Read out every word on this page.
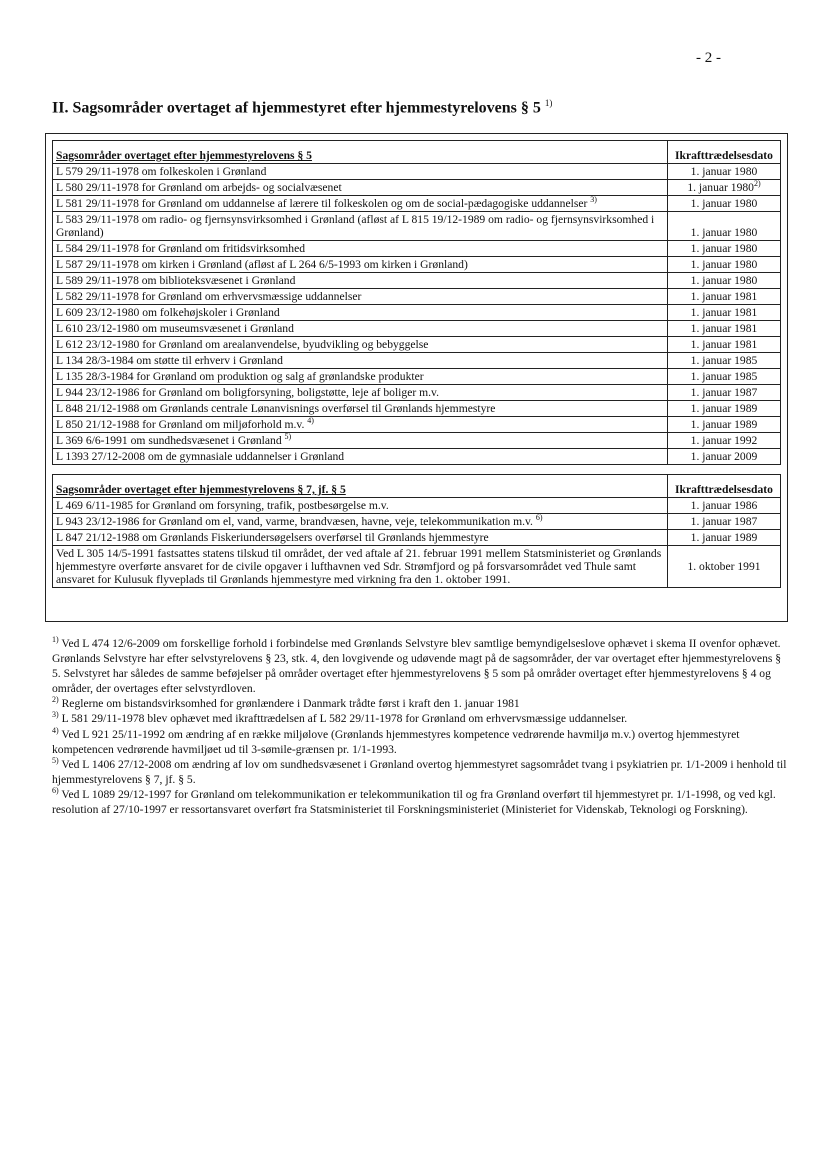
- 2 -
II. Sagsområder overtaget af hjemmestyret efter hjemmestyrelovens § 5 $^{1)}$
Sagsområder overtaget efter hjemmestyrelovens § 5	Ikrafttrædelsesdato
L 579 29/11-1978 om folkeskolen i Grønland	1. januar 1980
L 580 29/11-1978 for Grønland om arbejds- og socialvæsenet	1. januar 1980$^{2)}$
L 581 29/11-1978 for Grønland om uddannelse af lærere til folkeskolen og om de social-pædagogiske uddannelser $^{3)}$	1. januar 1980
L 583 29/11-1978 om radio- og fjernsynsvirksomhed i Grønland (afløst af L 815 19/12-1989 om radio- og fjernsynsvirksomhed i Grønland)	1. januar 1980
L 584 29/11-1978 for Grønland om fritidsvirksomhed	1. januar 1980
L 587 29/11-1978 om kirken i Grønland (afløst af L 264 6/5-1993 om kirken i Grønland)	1. januar 1980
L 589 29/11-1978 om biblioteksvæsenet i Grønland	1. januar 1980
L 582 29/11-1978 for Grønland om erhvervsmæssige uddannelser	1. januar 1981
L 609 23/12-1980 om folkehøjskoler i Grønland	1. januar 1981
L 610 23/12-1980 om museumsvæsenet i Grønland	1. januar 1981
L 612 23/12-1980 for Grønland om arealanvendelse, byudvikling og bebyggelse	1. januar 1981
L 134 28/3-1984 om støtte til erhverv i Grønland	1. januar 1985
L 135 28/3-1984 for Grønland om produktion og salg af grønlandske produkter	1. januar 1985
L 944 23/12-1986 for Grønland om boligforsyning, boligstøtte, leje af boliger m.v.	1. januar 1987
L 848 21/12-1988 om Grønlands centrale Lønanvisnings overførsel til Grønlands hjemmestyre	1. januar 1989
L 850 21/12-1988 for Grønland om miljøforhold m.v. $^{4)}$	1. januar 1989
L 369 6/6-1991 om sundhedsvæsenet i Grønland $^{5)}$	1. januar 1992
L 1393 27/12-2008 om de gymnasiale uddannelser i Grønland	1. januar 2009
Sagsområder overtaget efter hjemmestyrelovens § 7, jf. § 5	Ikrafttrædelsesdato
L 469 6/11-1985 for Grønland om forsyning, trafik, postbesørgelse m.v.	1. januar 1986
L 943 23/12-1986 for Grønland om el, vand, varme, brandvæsen, havne, veje, telekommunikation m.v. $^{6)}$	1. januar 1987
L 847 21/12-1988 om Grønlands Fiskeriundersøgelsers overførsel til Grønlands hjemmestyre	1. januar 1989
Ved L 305 14/5-1991 fastsattes statens tilskud til området, der ved aftale af 21. februar 1991 mellem Statsministeriet og Grønlands hjemmestyre overførte ansvaret for de civile opgaver i lufthavnen ved Sdr. Strømfjord og på forsvarsområdet ved Thule samt ansvaret for Kulusuk flyveplads til Grønlands hjemmestyre med virkning fra den 1. oktober 1991.	1. oktober 1991

$^{1)}$ Ved L 474 12/6-2009 om forskellige forhold i forbindelse med Grønlands Selvstyre blev samtlige bemyndigelseslove ophævet i skema II ovenfor ophævet. Grønlands Selvstyre har efter selvstyrelovens § 23, stk. 4, den lovgivende og udøvende magt på de sagsområder, der var overtaget efter hjemmestyrelovens § 5. Selvstyret har således de samme beføjelser på områder overtaget efter hjemmestyrelovens § 5 som på områder overtaget efter hjemmestyrelovens § 4 og områder, der overtages efter selvstyrdloven.

$^{2)}$ Reglerne om bistandsvirksomhed for grønlændere i Danmark trådte først i kraft den 1. januar 1981

$^{3)}$ L 581 29/11-1978 blev ophævet med ikrafttrædelsen af L 582 29/11-1978 for Grønland om erhvervsmæssige uddannelser.

$^{4)}$ Ved L 921 25/11-1992 om ændring af en række miljølove (Grønlands hjemmestyres kompetence vedrørende havmiljø m.v.) overtog hjemmestyret kompetencen vedrørende havmiljøet ud til 3-sømile-grænsen pr. 1/1-1993.

$^{5)}$ Ved L 1406 27/12-2008 om ændring af lov om sundhedsvæsenet i Grønland overtog hjemmestyret sagsområdet tvang i psykiatrien pr. 1/1-2009 i henhold til hjemmestyrelovens § 7, jf. § 5.

$^{6)}$ Ved L 1089 29/12-1997 for Grønland om telekommunikation er telekommunikation til og fra Grønland overført til hjemmestyret pr. 1/1-1998, og ved kgl. resolution af 27/10-1997 er ressortansvaret overført fra Statsministeriet til Forskningsministeriet (Ministeriet for Videnskab, Teknologi og Forskning).
